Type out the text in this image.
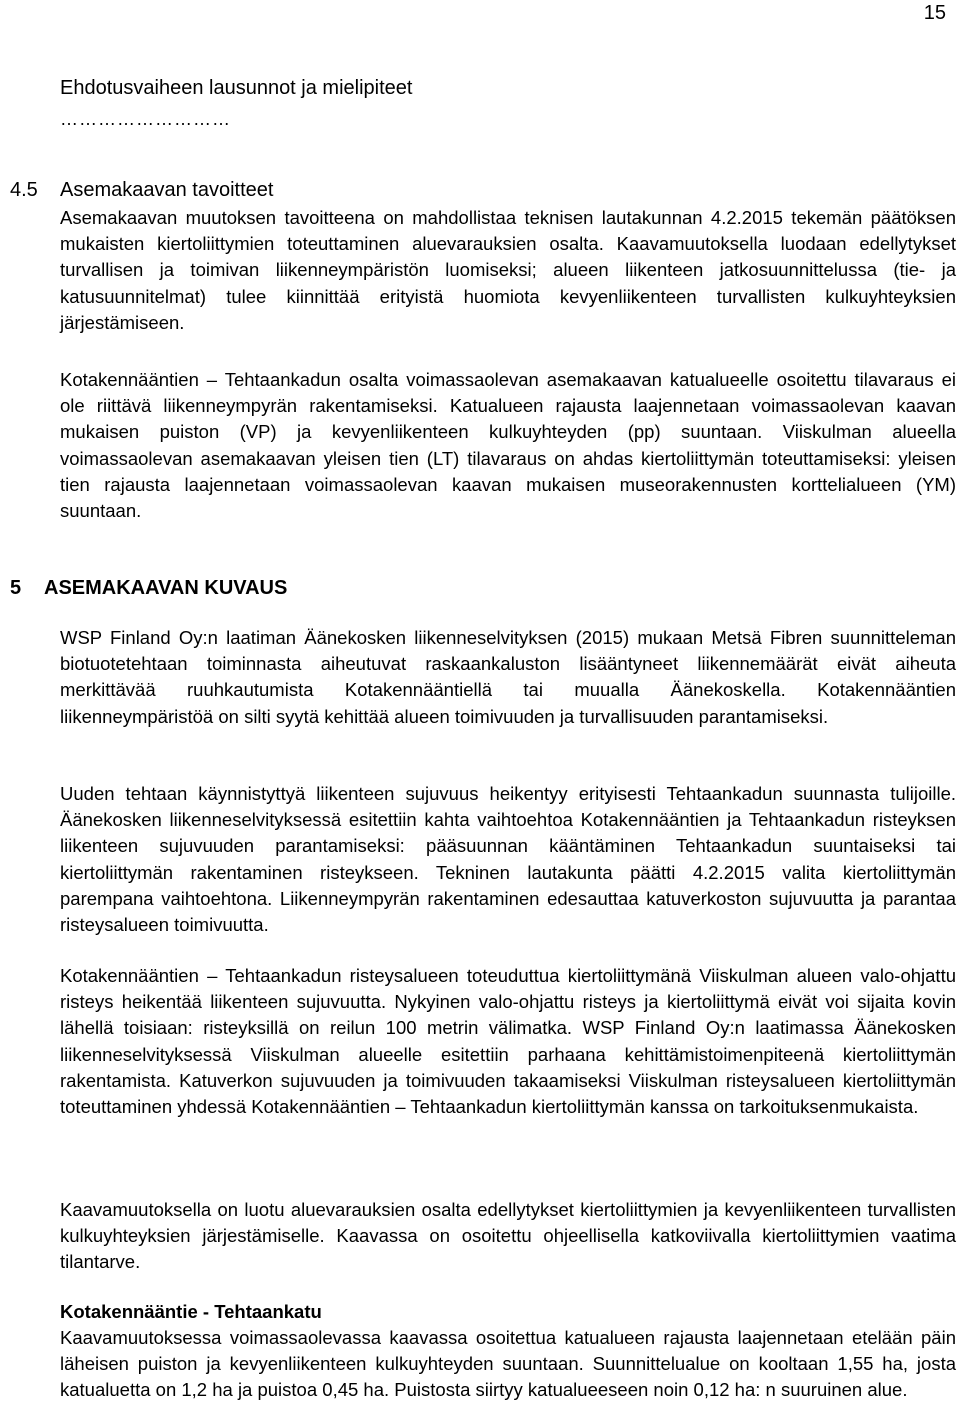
15
Ehdotusvaiheen lausunnot ja mielipiteet
………………………
4.5 Asemakaavan tavoitteet

Asemakaavan muutoksen tavoitteena on mahdollistaa teknisen lautakunnan 4.2.2015 tekemän päätöksen mukaisten kiertoliittymien toteuttaminen aluevarauksien osalta. Kaavamuutoksella luodaan edellytykset turvallisen ja toimivan liikenneympäristön luomiseksi; alueen liikenteen jatkosuunnittelussa (tie- ja katusuunnitelmat) tulee kiinnittää erityistä huomiota kevyenliikenteen turvallisten kulkuyhteyksien järjestämiseen.

Kotakennääntien – Tehtaankadun osalta voimassaolevan asemakaavan katualueelle osoitettu tilavaraus ei ole riittävä liikenneympyrän rakentamiseksi. Katualueen rajausta laajennetaan voimassaolevan kaavan mukaisen puiston (VP) ja kevyenliikenteen kulkuyhteyden (pp) suuntaan. Viiskulman alueella voimassaolevan asemakaavan yleisen tien (LT) tilavaraus on ahdas kiertoliittymän toteuttamiseksi: yleisen tien rajausta laajennetaan voimassaolevan kaavan mukaisen museorakennusten korttelialueen (YM) suuntaan.

5 ASEMAKAAVAN KUVAUS

WSP Finland Oy:n laatiman Äänekosken liikenneselvityksen (2015) mukaan Metsä Fibren suunnitteleman biotuotetehtaan toiminnasta aiheutuvat raskaankaluston lisääntyneet liikennemäärät eivät aiheuta merkittävää ruuhkautumista Kotakennääntiellä tai muualla Äänekoskella. Kotakennääntien liikenneympäristöä on silti syytä kehittää alueen toimivuuden ja turvallisuuden parantamiseksi.

Uuden tehtaan käynnistyttyä liikenteen sujuvuus heikentyy erityisesti Tehtaankadun suunnasta tulijoille. Äänekosken liikenneselvityksessä esitettiin kahta vaihtoehtoa Kotakennääntien ja Tehtaankadun risteyksen liikenteen sujuvuuden parantamiseksi: pääsuunnan kääntäminen Tehtaankadun suuntaiseksi tai kiertoliittymän rakentaminen risteykseen. Tekninen lautakunta päätti 4.2.2015 valita kiertoliittymän parempana vaihtoehtona. Liikenneympyrän rakentaminen edesauttaa katuverkoston sujuvuutta ja parantaa risteysalueen toimivuutta.

Kotakennääntien – Tehtaankadun risteysalueen toteuduttua kiertoliittymänä Viiskulman alueen valo-ohjattu risteys heikentää liikenteen sujuvuutta. Nykyinen valo-ohjattu risteys ja kiertoliittymä eivät voi sijaita kovin lähellä toisiaan: risteyksillä on reilun 100 metrin välimatka. WSP Finland Oy:n laatimassa Äänekosken liikenneselvityksessä Viiskulman alueelle esitettiin parhaana kehittämistoimenpiteenä kiertoliittymän rakentamista. Katuverkon sujuvuuden ja toimivuuden takaamiseksi Viiskulman risteysalueen kiertoliittymän toteuttaminen yhdessä Kotakennääntien – Tehtaankadun kiertoliittymän kanssa on tarkoituksenmukaista.

Kaavamuutoksella on luotu aluevarauksien osalta edellytykset kiertoliittymien ja kevyenliikenteen turvallisten kulkuyhteyksien järjestämiselle. Kaavassa on osoitettu ohjeellisella katkoviivalla kiertoliittymien vaatima tilantarve.

Kotakennääntie - Tehtaankatu

Kaavamuutoksessa voimassaolevassa kaavassa osoitettua katualueen rajausta laajennetaan etelään päin läheisen puiston ja kevyenliikenteen kulkuyhteyden suuntaan. Suunnittelualue on kooltaan 1,55 ha, josta katualuetta on 1,2 ha ja puistoa 0,45 ha. Puistosta siirtyy katualueeseen noin 0,12 ha: n suuruinen alue.
